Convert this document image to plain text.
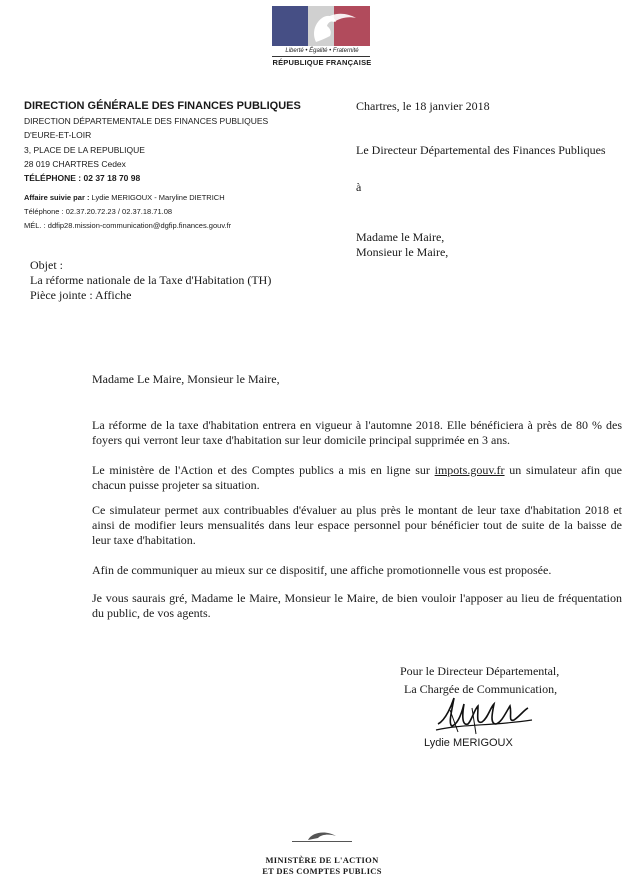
Liberté • Égalité • Fraternité
RÉPUBLIQUE FRANÇAISE
DIRECTION GÉNÉRALE DES FINANCES PUBLIQUES
DIRECTION DÉPARTEMENTALE DES FINANCES PUBLIQUES
D'EURE-ET-LOIR
3, PLACE DE LA REPUBLIQUE
28 019 CHARTRES Cedex
TÉLÉPHONE : 02 37 18 70 98
Affaire suivie par : Lydie MERIGOUX - Maryline DIETRICH
Téléphone : 02.37.20.72.23 / 02.37.18.71.08
MÉL. : ddfip28.mission-communication@dgfip.finances.gouv.fr
Chartres, le 18 janvier 2018
Le Directeur Départemental des Finances Publiques
à
Madame le Maire,
Monsieur le Maire,
Objet :
La réforme nationale de la Taxe d'Habitation (TH)
Pièce jointe : Affiche
Madame Le Maire, Monsieur le Maire,
La réforme de la taxe d'habitation entrera en vigueur à l'automne 2018. Elle bénéficiera à près de 80 % des foyers qui verront leur taxe d'habitation sur leur domicile principal supprimée en 3 ans.
Le ministère de l'Action et des Comptes publics a mis en ligne sur impots.gouv.fr un simulateur afin que chacun puisse projeter sa situation.
Ce simulateur permet aux contribuables d'évaluer au plus près le montant de leur taxe d'habitation 2018 et ainsi de modifier leurs mensualités dans leur espace personnel pour bénéficier tout de suite de la baisse de leur taxe d'habitation.
Afin de communiquer au mieux sur ce dispositif, une affiche promotionnelle vous est proposée.
Je vous saurais gré, Madame le Maire, Monsieur le Maire, de bien vouloir l'apposer au lieu de fréquentation du public, de vos agents.
Pour le Directeur Départemental,
La Chargée de Communication,
Lydie MERIGOUX
MINISTÈRE DE L'ACTION
ET DES COMPTES PUBLICS
